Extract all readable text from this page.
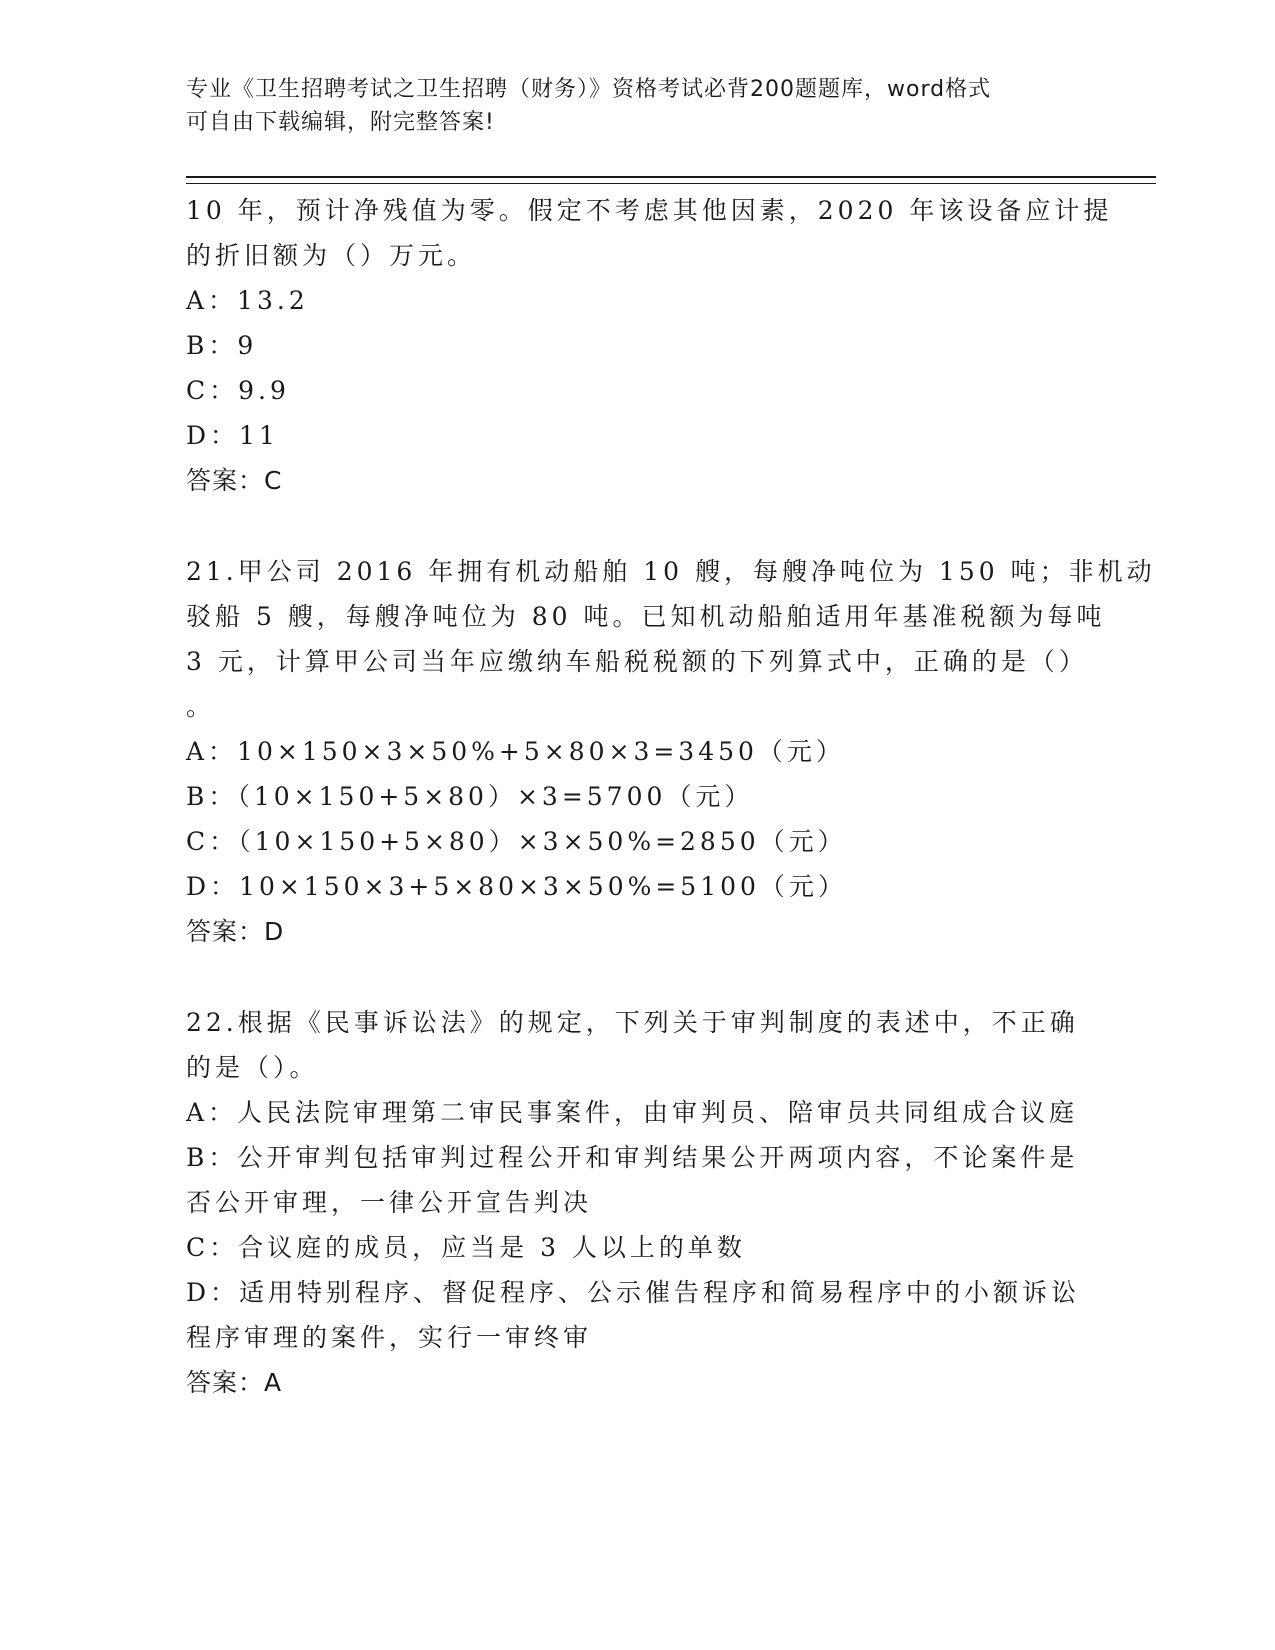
专业《卫生招聘考试之卫生招聘（财务）》资格考试必背200题题库，word格式
可自由下载编辑，附完整答案!
10 年，预计净残值为零。假定不考虑其他因素，2020 年该设备应计提
的折旧额为（）万元。
A：13.2
B：9
C：9.9
D：11
答案：C
21.甲公司 2016 年拥有机动船舶 10 艘，每艘净吨位为 150 吨；非机动
驳船 5 艘，每艘净吨位为 80 吨。已知机动船舶适用年基准税额为每吨
3 元，计算甲公司当年应缴纳车船税税额的下列算式中，正确的是（）
。
A：10×150×3×50%+5×80×3=3450（元）
B：（10×150+5×80）×3=5700（元）
C：（10×150+5×80）×3×50%=2850（元）
D：10×150×3+5×80×3×50%=5100（元）
答案：D
22.根据《民事诉讼法》的规定，下列关于审判制度的表述中，不正确
的是（）。
A：人民法院审理第二审民事案件，由审判员、陪审员共同组成合议庭
B：公开审判包括审判过程公开和审判结果公开两项内容，不论案件是
否公开审理，一律公开宣告判决
C：合议庭的成员，应当是 3 人以上的单数
D：适用特别程序、督促程序、公示催告程序和简易程序中的小额诉讼
程序审理的案件，实行一审终审
答案：A
